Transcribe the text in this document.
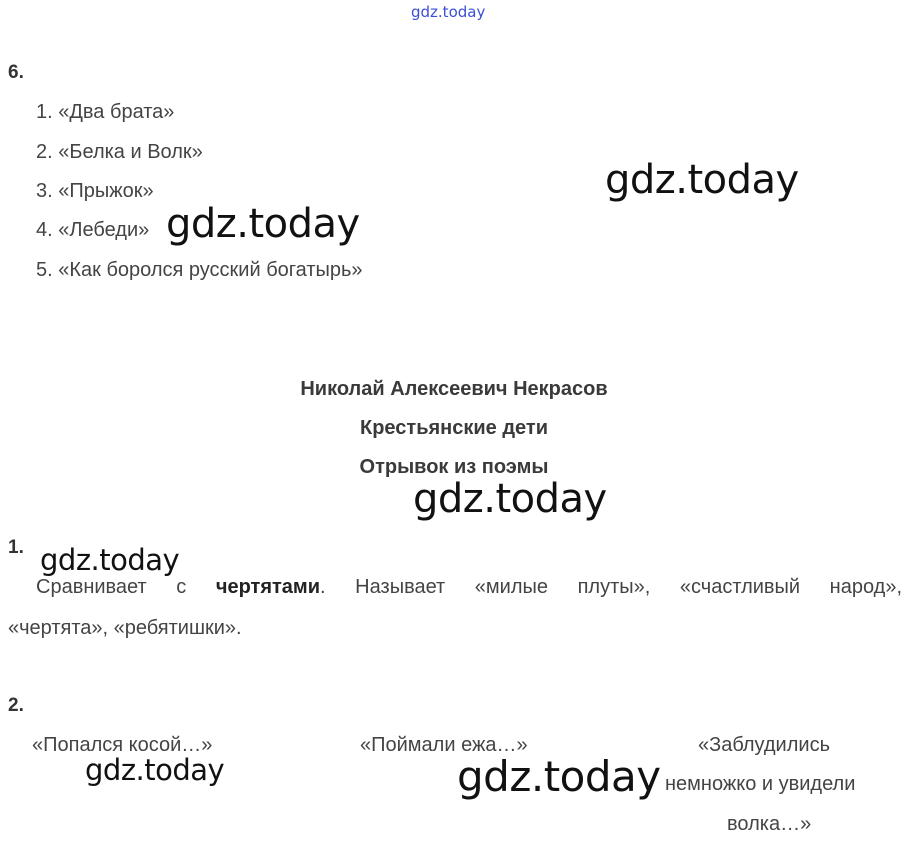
gdz.today
6.
1. «Два брата»
2. «Белка и Волк»
3. «Прыжок»
4. «Лебеди»
5. «Как боролся русский богатырь»
gdz.today
gdz.today
Николай Алексеевич Некрасов
Крестьянские дети
Отрывок из поэмы
gdz.today
1. gdz.today
Сравнивает с чертятами. Называет «милые плуты», «счастливый народ»,
«чертята», «ребятишки».
2.
«Попался косой…»	«Поймали ежа…»	«Заблудились
немножко и увидели
волка…»
gdz.today	gdz.today
